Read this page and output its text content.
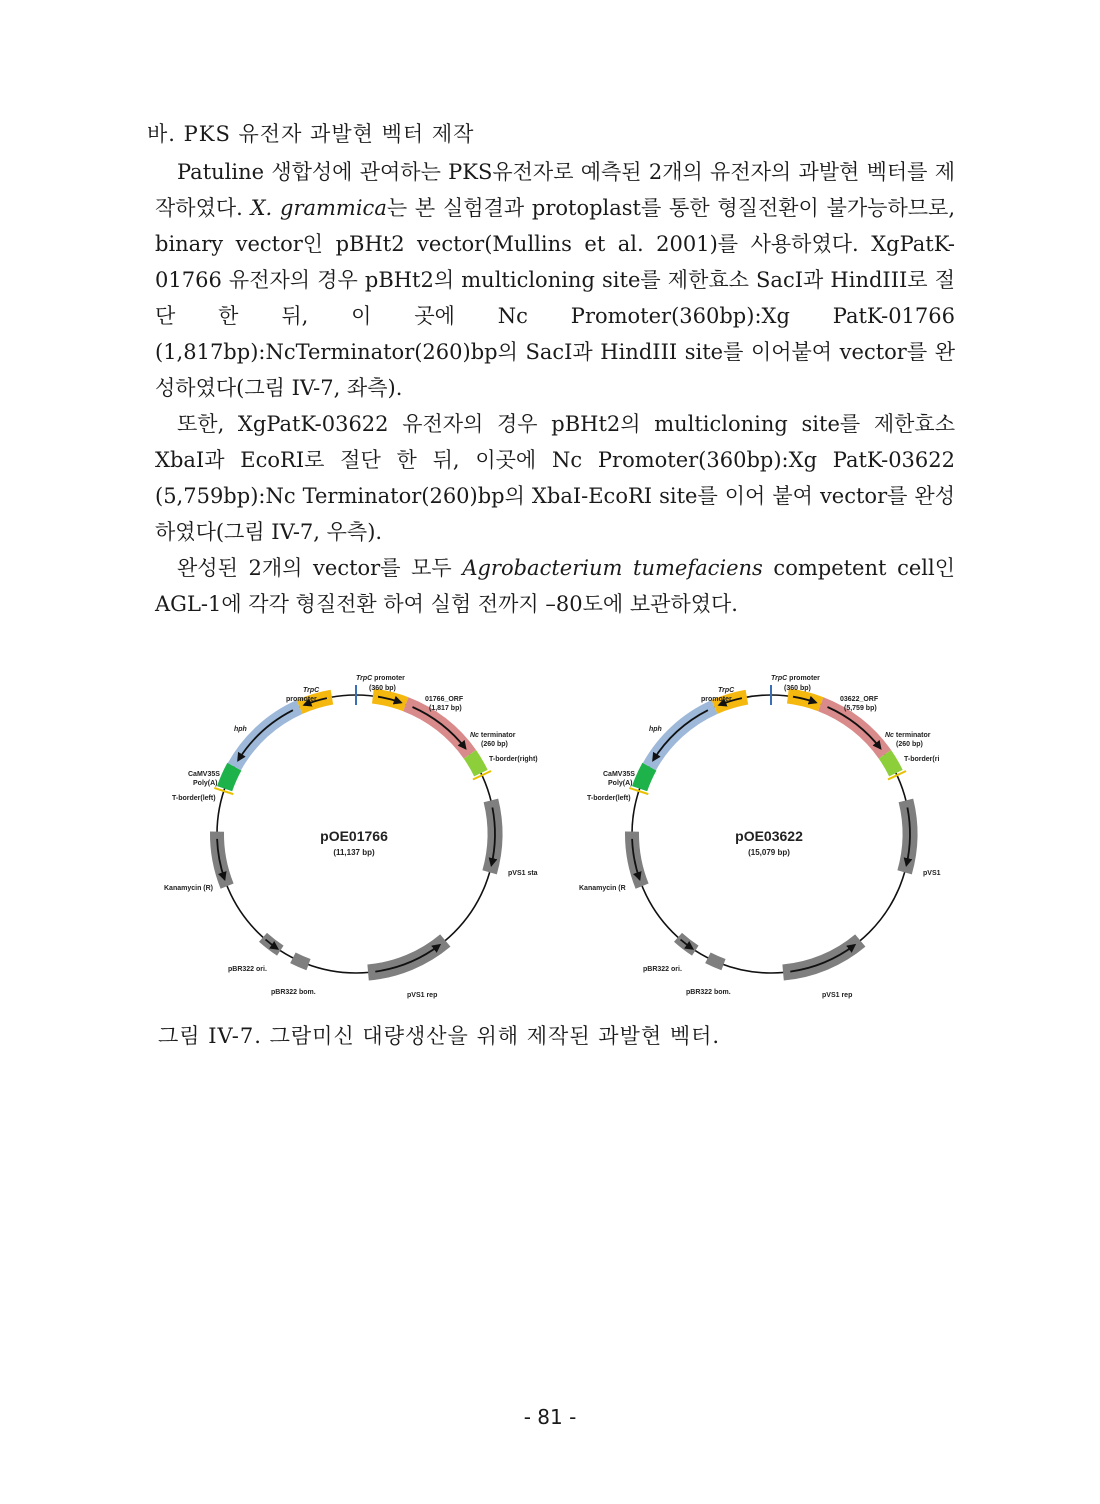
바. PKS 유전자 과발현 벡터 제작
Patuline 생합성에 관여하는 PKS유전자로 예측된 2개의 유전자의 과발현 벡터를 제작하였다. X. grammica는 본 실험결과 protoplast를 통한 형질전환이 불가능하므로, binary vector인 pBHt2 vector(Mullins et al. 2001)를 사용하였다. XgPatK-01766 유전자의 경우 pBHt2의 multicloning site를 제한효소 SacI과 HindIII로 절단 한 뒤, 이 곳에 Nc Promoter(360bp):Xg PatK-01766 (1,817bp):NcTerminator(260)bp의 SacI과 HindIII site를 이어붙여 vector를 완성하였다(그림 IV-7, 좌측).
또한, XgPatK-03622 유전자의 경우 pBHt2의 multicloning site를 제한효소 XbaI과 EcoRI로 절단 한 뒤, 이곳에 Nc Promoter(360bp):Xg PatK-03622 (5,759bp):Nc Terminator(260)bp의 XbaI-EcoRI site를 이어 붙여 vector를 완성하였다(그림 IV-7, 우측).
완성된 2개의 vector를 모두 Agrobacterium tumefaciens competent cell인 AGL-1에 각각 형질전환 하여 실험 전까지 –80도에 보관하였다.
TrpC promoter
(360 bp)
01766_ORF
(1,817 bp)
Nc terminator
(260 bp)
T-border(right)
TrpC
promoter
hph
CaMV35S
Poly(A)
T-border(left)
Kanamycin (R)
pVS1 sta
pBR322 ori.
pBR322 bom.	pVS1 rep
pOE01766
(11,137 bp)
TrpC promoter
(360 bp)
03622_ORF
(5,759 bp)
Nc terminator
(260 bp)
T-border(ri
TrpC
promoter
hph
CaMV35S
Poly(A)
T-border(left)
Kanamycin (R
pVS1
pBR322 ori.
pBR322 bom.	pVS1 rep
pOE03622
(15,079 bp)
그림 IV-7. 그람미신 대량생산을 위해 제작된 과발현 벡터.
- 81 -
